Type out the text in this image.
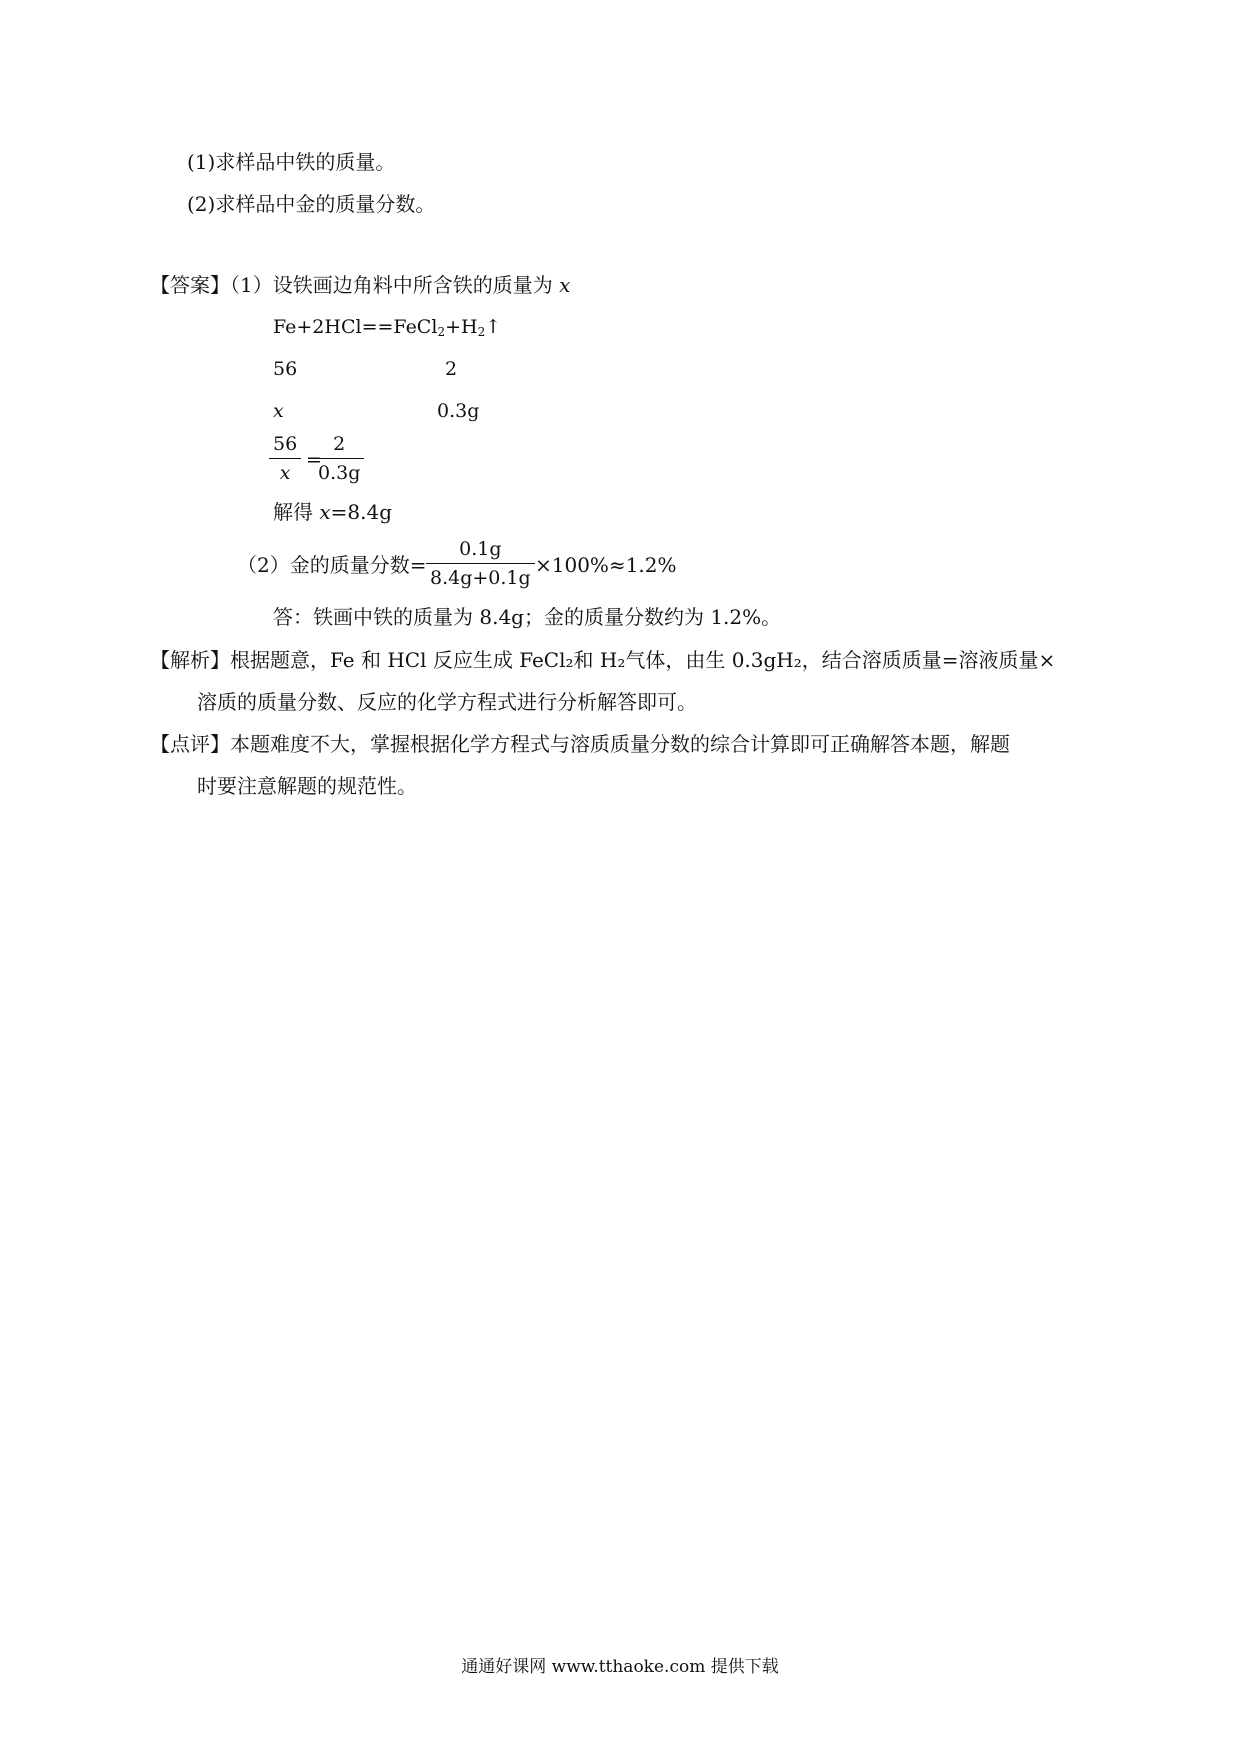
(1)求样品中铁的质量。
(2)求样品中金的质量分数。
【答案】（1）设铁画边角料中所含铁的质量为 x
$Fe+2HCl==FeCl_2+H_2↑$
56	2
x	0.3g
56
x
=
2
0.3g
解得 x=8.4g
（2）金的质量分数=
0.1g
8.4g+0.1g
×100%≈1.2%
答：铁画中铁的质量为 8.4g；金的质量分数约为 1.2%。
【解析】根据题意，Fe 和 HCl 反应生成 FeCl₂和 H₂气体，由生 0.3gH₂，结合溶质质量=溶液质量×
溶质的质量分数、反应的化学方程式进行分析解答即可。
【点评】本题难度不大，掌握根据化学方程式与溶质质量分数的综合计算即可正确解答本题，解题
时要注意解题的规范性。
通通好课网 www.tthaoke.com 提供下载
